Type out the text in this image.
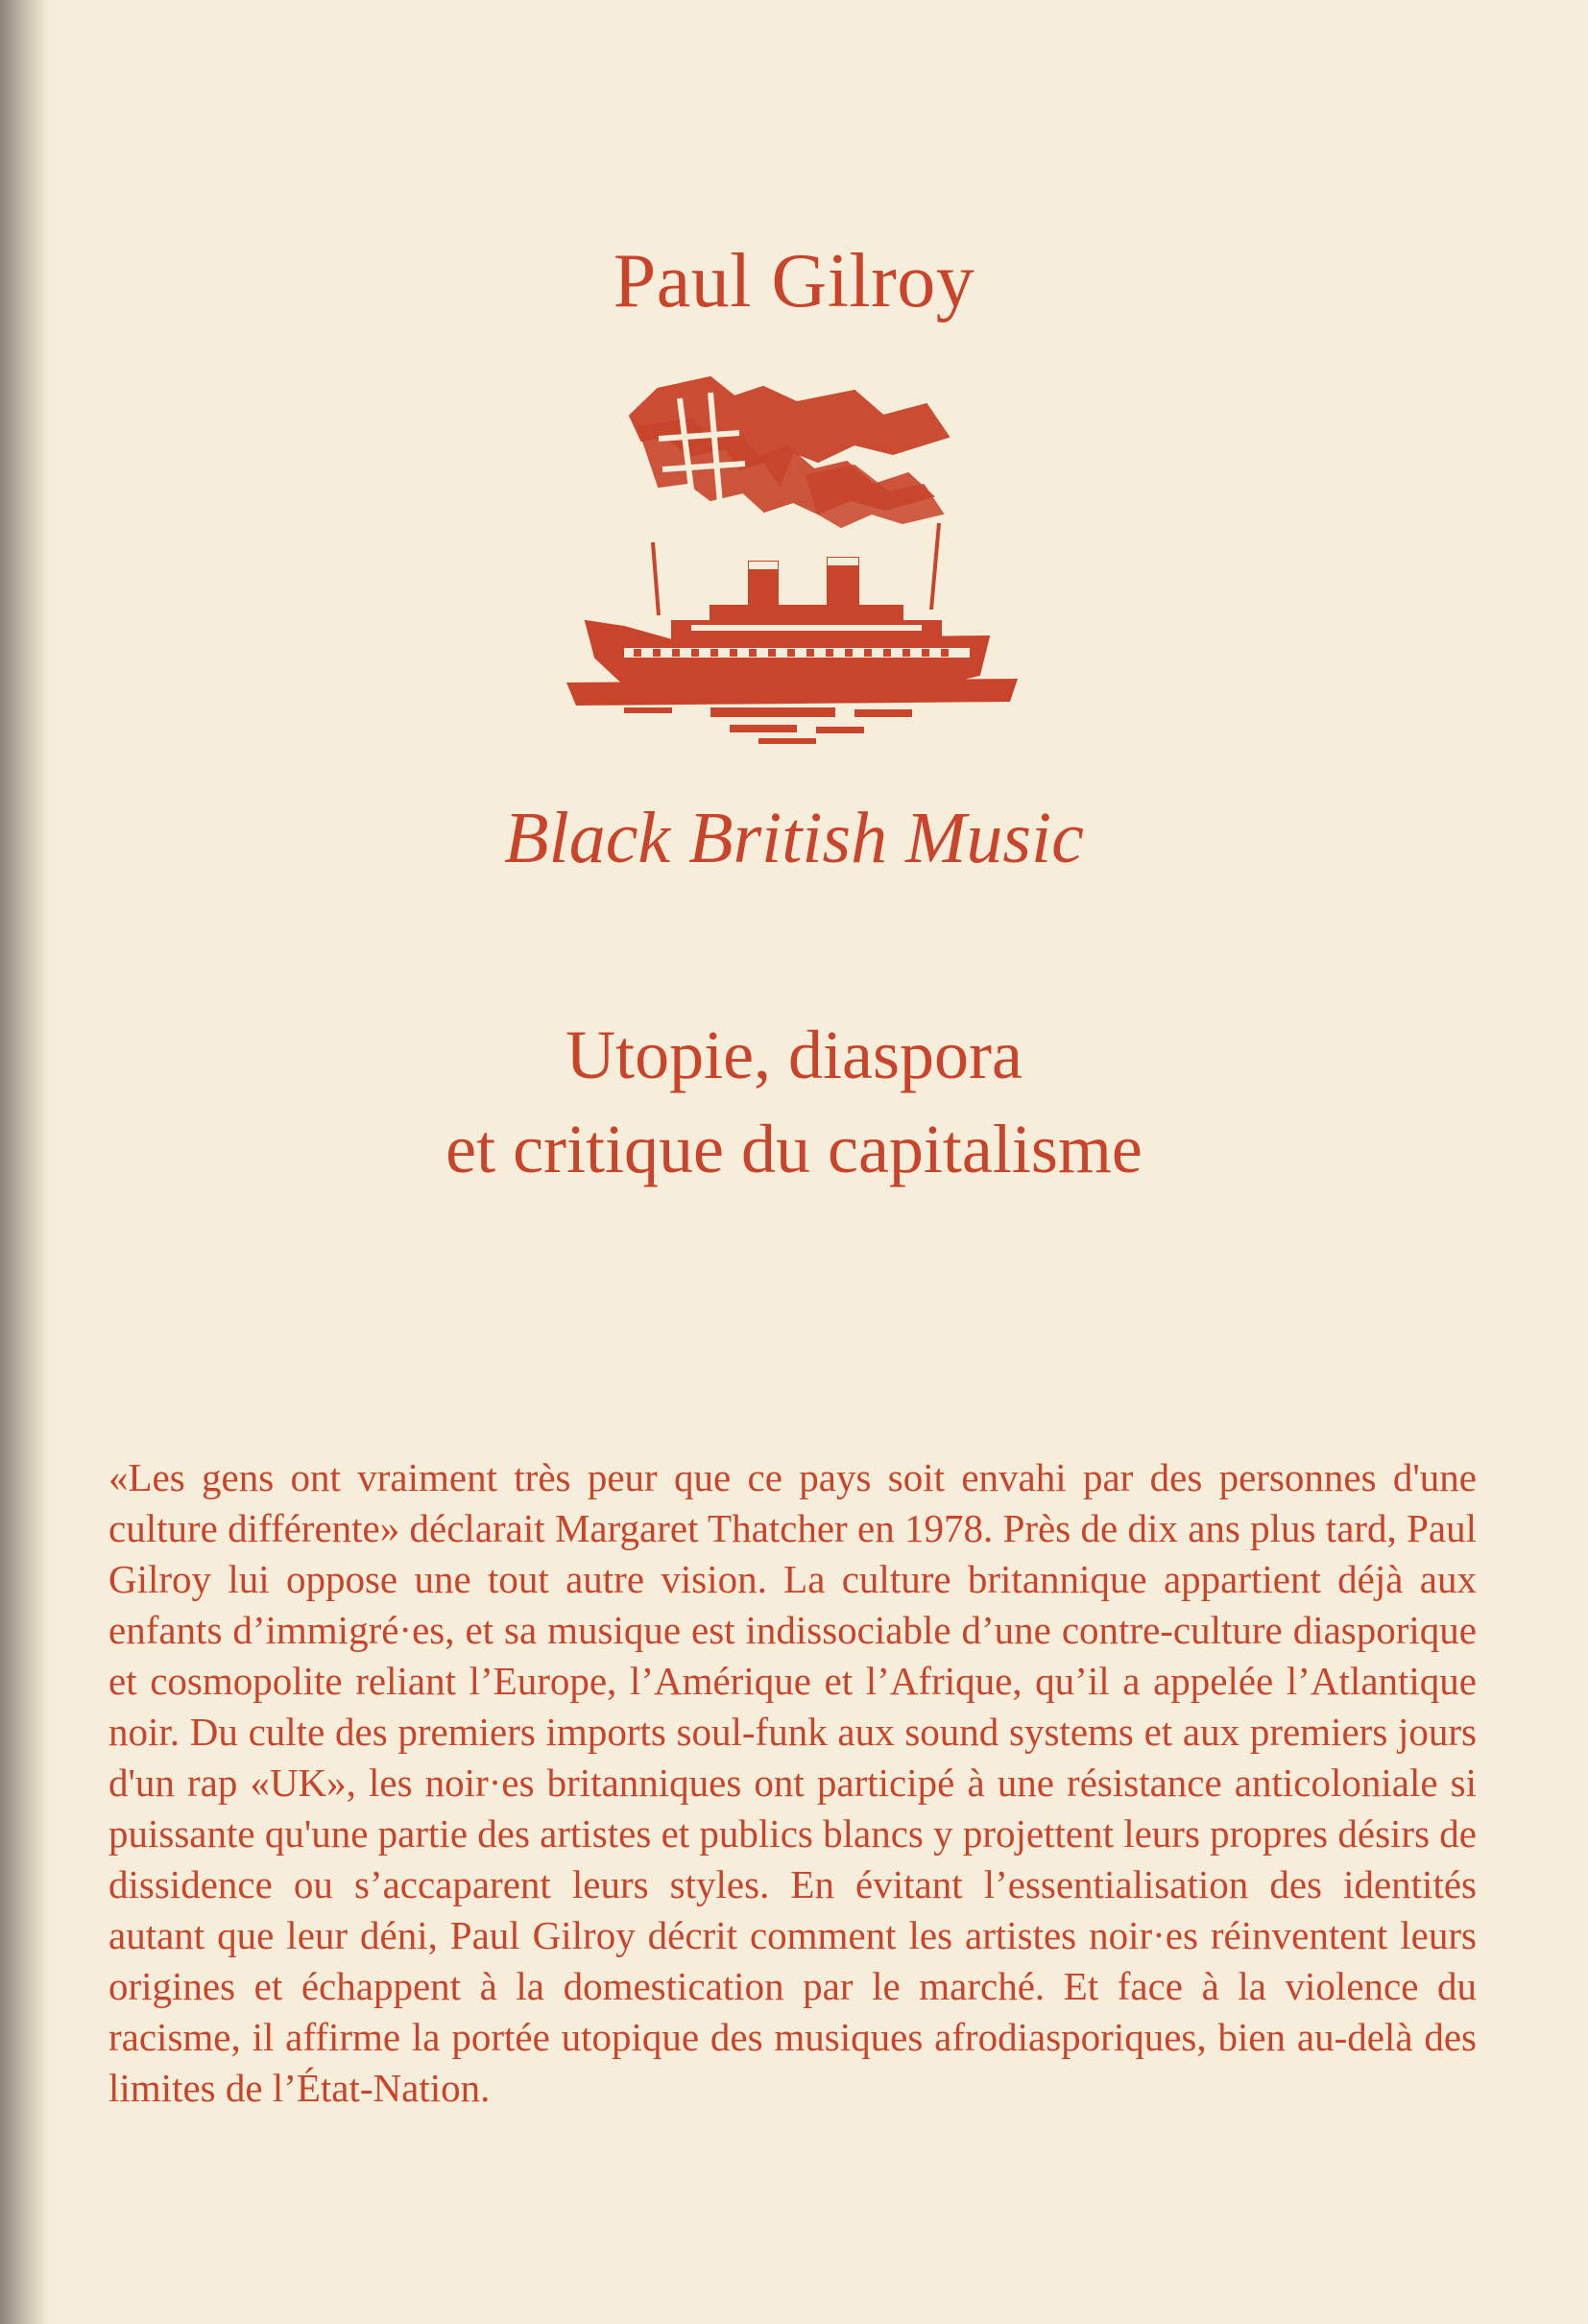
Paul Gilroy
Black British Music
Utopie, diaspora
et critique du capitalisme

«Les gens ont vraiment très peur que ce pays soit envahi par des personnes d'une culture différente» déclarait Margaret Thatcher en 1978. Près de dix ans plus tard, Paul Gilroy lui oppose une tout autre vision. La culture britannique appartient déjà aux enfants d’immigré·es, et sa musique est indissociable d’une contre-culture diasporique et cosmopolite reliant l’Europe, l’Amérique et l’Afrique, qu’il a appelée l’Atlantique noir. Du culte des premiers imports soul-funk aux sound systems et aux premiers jours d'un rap «UK», les noir·es britanniques ont participé à une résistance anticoloniale si puissante qu'une partie des artistes et publics blancs y projettent leurs propres désirs de dissidence ou s’accaparent leurs styles. En évitant l’essentialisation des identités autant que leur déni, Paul Gilroy décrit comment les artistes noir·es réinventent leurs origines et échappent à la domestication par le marché. Et face à la violence du racisme, il affirme la portée utopique des musiques afrodiasporiques, bien au-delà des limites de l’État-Nation.
